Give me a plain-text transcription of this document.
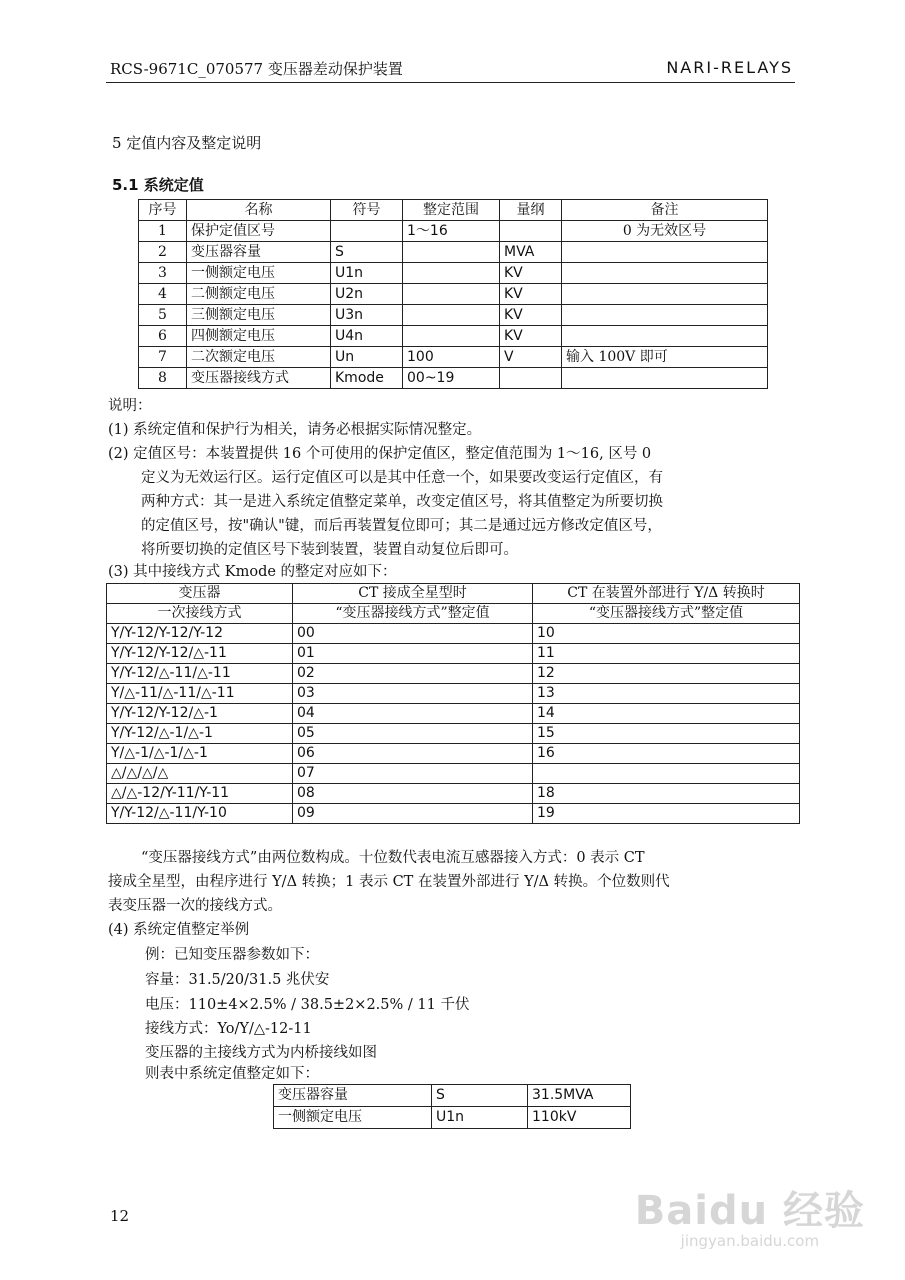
RCS-9671C_070577 变压器差动保护装置	NARI-RELAYS
5 定值内容及整定说明
5.1 系统定值
序号	名称	符号	整定范围	量纲	备注
1	保护定值区号		1～16		0 为无效区号
2	变压器容量	S		MVA	
3	一侧额定电压	U1n		KV	
4	二侧额定电压	U2n		KV	
5	三侧额定电压	U3n		KV	
6	四侧额定电压	U4n		KV	
7	二次额定电压	Un	100	V	输入 100V 即可
8	变压器接线方式	Kmode	00~19		
说明：
(1) 系统定值和保护行为相关，请务必根据实际情况整定。
(2) 定值区号：本装置提供 16 个可使用的保护定值区，整定值范围为 1～16, 区号 0
定义为无效运行区。运行定值区可以是其中任意一个，如果要改变运行定值区，有
两种方式：其一是进入系统定值整定菜单，改变定值区号，将其值整定为所要切换
的定值区号，按"确认"键，而后再装置复位即可；其二是通过远方修改定值区号，
将所要切换的定值区号下装到装置，装置自动复位后即可。
(3) 其中接线方式 Kmode 的整定对应如下：
变压器	CT 接成全星型时	CT 在装置外部进行 Y/Δ 转换时
一次接线方式	“变压器接线方式”整定值	“变压器接线方式”整定值
Y/Y-12/Y-12/Y-12	00	10
Y/Y-12/Y-12/△-11	01	11
Y/Y-12/△-11/△-11	02	12
Y/△-11/△-11/△-11	03	13
Y/Y-12/Y-12/△-1	04	14
Y/Y-12/△-1/△-1	05	15
Y/△-1/△-1/△-1	06	16
△/△/△/△	07	
△/△-12/Y-11/Y-11	08	18
Y/Y-12/△-11/Y-10	09	19
“变压器接线方式”由两位数构成。十位数代表电流互感器接入方式：0 表示 CT
接成全星型，由程序进行 Y/Δ 转换；1 表示 CT 在装置外部进行 Y/Δ 转换。个位数则代
表变压器一次的接线方式。
(4) 系统定值整定举例
例：已知变压器参数如下：
容量：31.5/20/31.5 兆伏安
电压：110±4×2.5% / 38.5±2×2.5% / 11 千伏
接线方式：Yo/Y/△-12-11
变压器的主接线方式为内桥接线如图
则表中系统定值整定如下：
变压器容量	S	31.5MVA
一侧额定电压	U1n	110kV
12	Baidu 经验
jingyan.baidu.com
